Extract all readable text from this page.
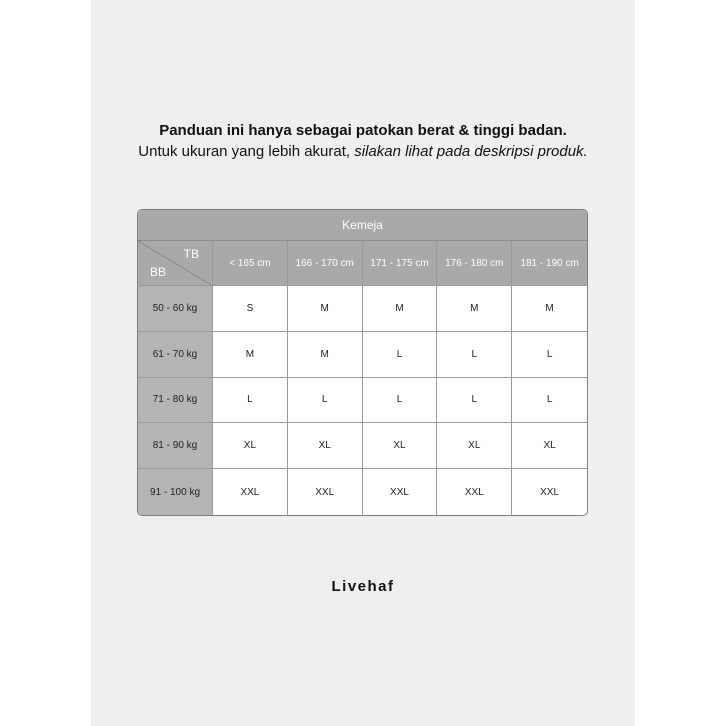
Panduan ini hanya sebagai patokan berat & tinggi badan.
Untuk ukuran yang lebih akurat, silakan lihat pada deskripsi produk.
Kemeja
TB
BB
< 165 cm	166 - 170 cm	171 - 175 cm	176 - 180 cm	181 - 190 cm
50 - 60 kg	S	M	M	M	M
61 - 70 kg	M	M	L	L	L
71 - 80 kg	L	L	L	L	L
81 - 90 kg	XL	XL	XL	XL	XL
91 - 100 kg	XXL	XXL	XXL	XXL	XXL
Livehaf
